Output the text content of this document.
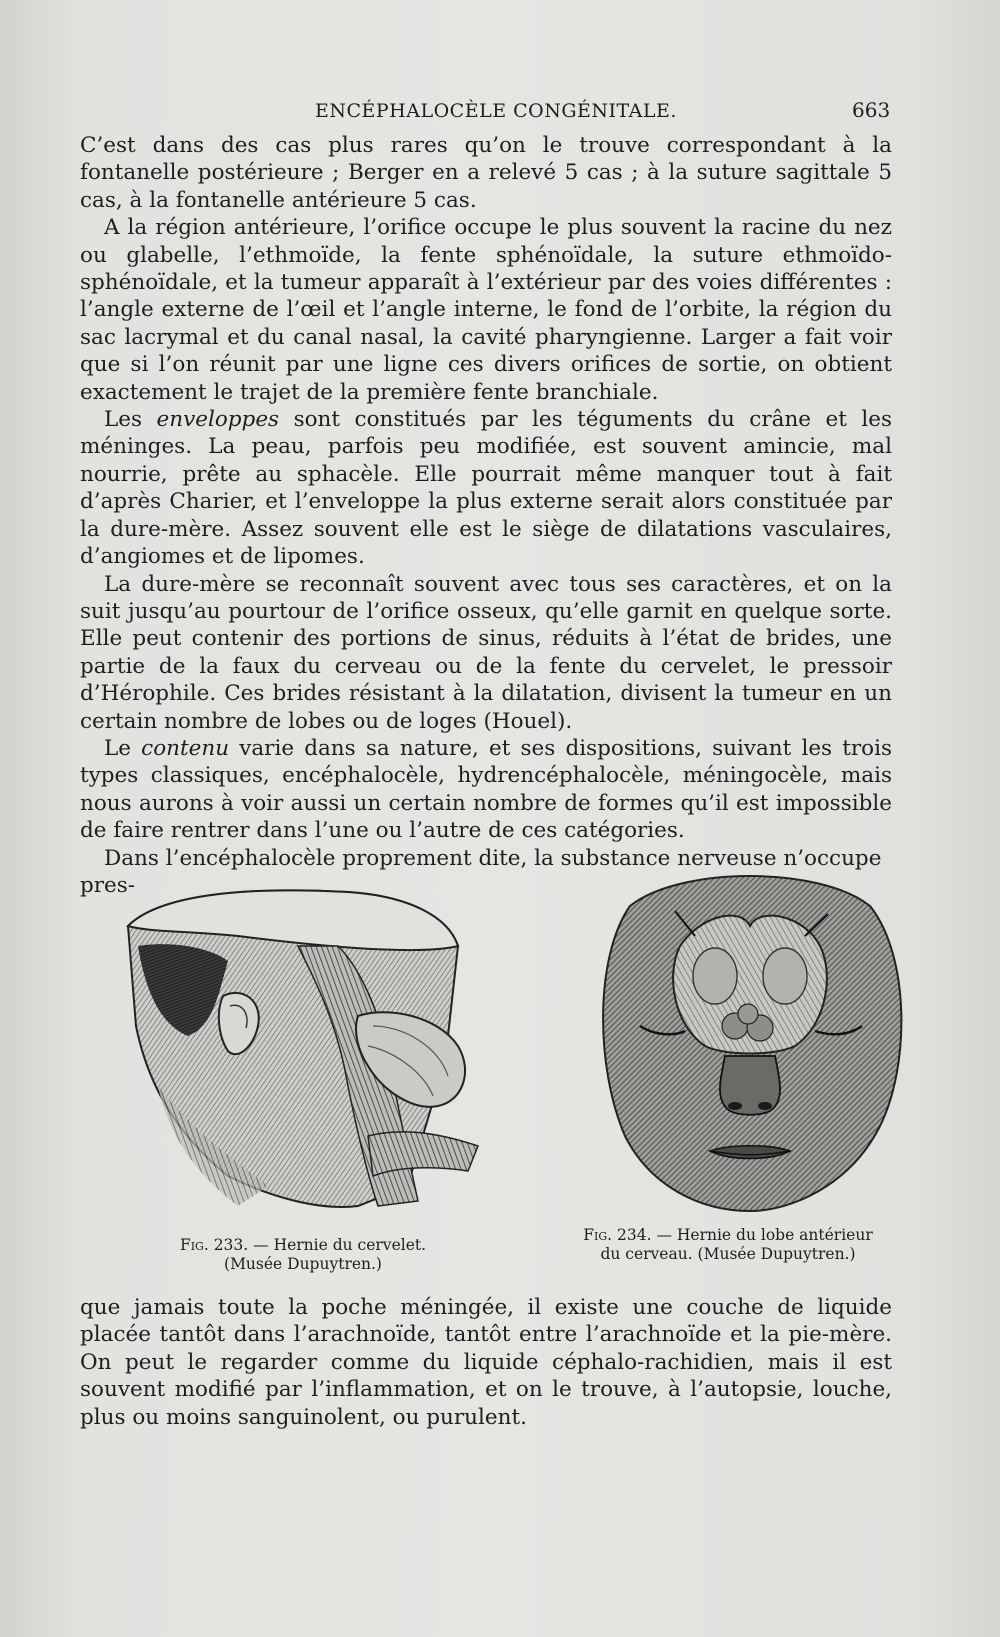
ENCÉPHALOCÈLE CONGÉNITALE.	663

C’est dans des cas plus rares qu’on le trouve correspondant à la fontanelle postérieure ; Berger en a relevé 5 cas ; à la suture sagittale 5 cas, à la fontanelle antérieure 5 cas.

A la région antérieure, l’orifice occupe le plus souvent la racine du nez ou glabelle, l’ethmoïde, la fente sphénoïdale, la suture ethmoïdo-sphénoïdale, et la tumeur apparaît à l’extérieur par des voies différentes : l’angle externe de l’œil et l’angle interne, le fond de l’orbite, la région du sac lacrymal et du canal nasal, la cavité pharyngienne. Larger a fait voir que si l’on réunit par une ligne ces divers orifices de sortie, on obtient exactement le trajet de la première fente branchiale.

Les enveloppes sont constitués par les téguments du crâne et les méninges. La peau, parfois peu modifiée, est souvent amincie, mal nourrie, prête au sphacèle. Elle pourrait même manquer tout à fait d’après Charier, et l’enveloppe la plus externe serait alors constituée par la dure-mère. Assez souvent elle est le siège de dilatations vasculaires, d’angiomes et de lipomes.

La dure-mère se reconnaît souvent avec tous ses caractères, et on la suit jusqu’au pourtour de l’orifice osseux, qu’elle garnit en quelque sorte. Elle peut contenir des portions de sinus, réduits à l’état de brides, une partie de la faux du cerveau ou de la fente du cervelet, le pressoir d’Hérophile. Ces brides résistant à la dilatation, divisent la tumeur en un certain nombre de lobes ou de loges (Houel).

Le contenu varie dans sa nature, et ses dispositions, suivant les trois types classiques, encéphalocèle, hydrencéphalocèle, méningocèle, mais nous aurons à voir aussi un certain nombre de formes qu’il est impossible de faire rentrer dans l’une ou l’autre de ces catégories.

Dans l’encéphalocèle proprement dite, la substance nerveuse n’occupe pres-

Fig. 233. — Hernie du cervelet.
(Musée Dupuytren.)
Fig. 234. — Hernie du lobe antérieur
du cerveau. (Musée Dupuytren.)

que jamais toute la poche méningée, il existe une couche de liquide placée tantôt dans l’arachnoïde, tantôt entre l’arachnoïde et la pie-mère. On peut le regarder comme du liquide céphalo-rachidien, mais il est souvent modifié par l’inflammation, et on le trouve, à l’autopsie, louche, plus ou moins sanguinolent, ou purulent.
